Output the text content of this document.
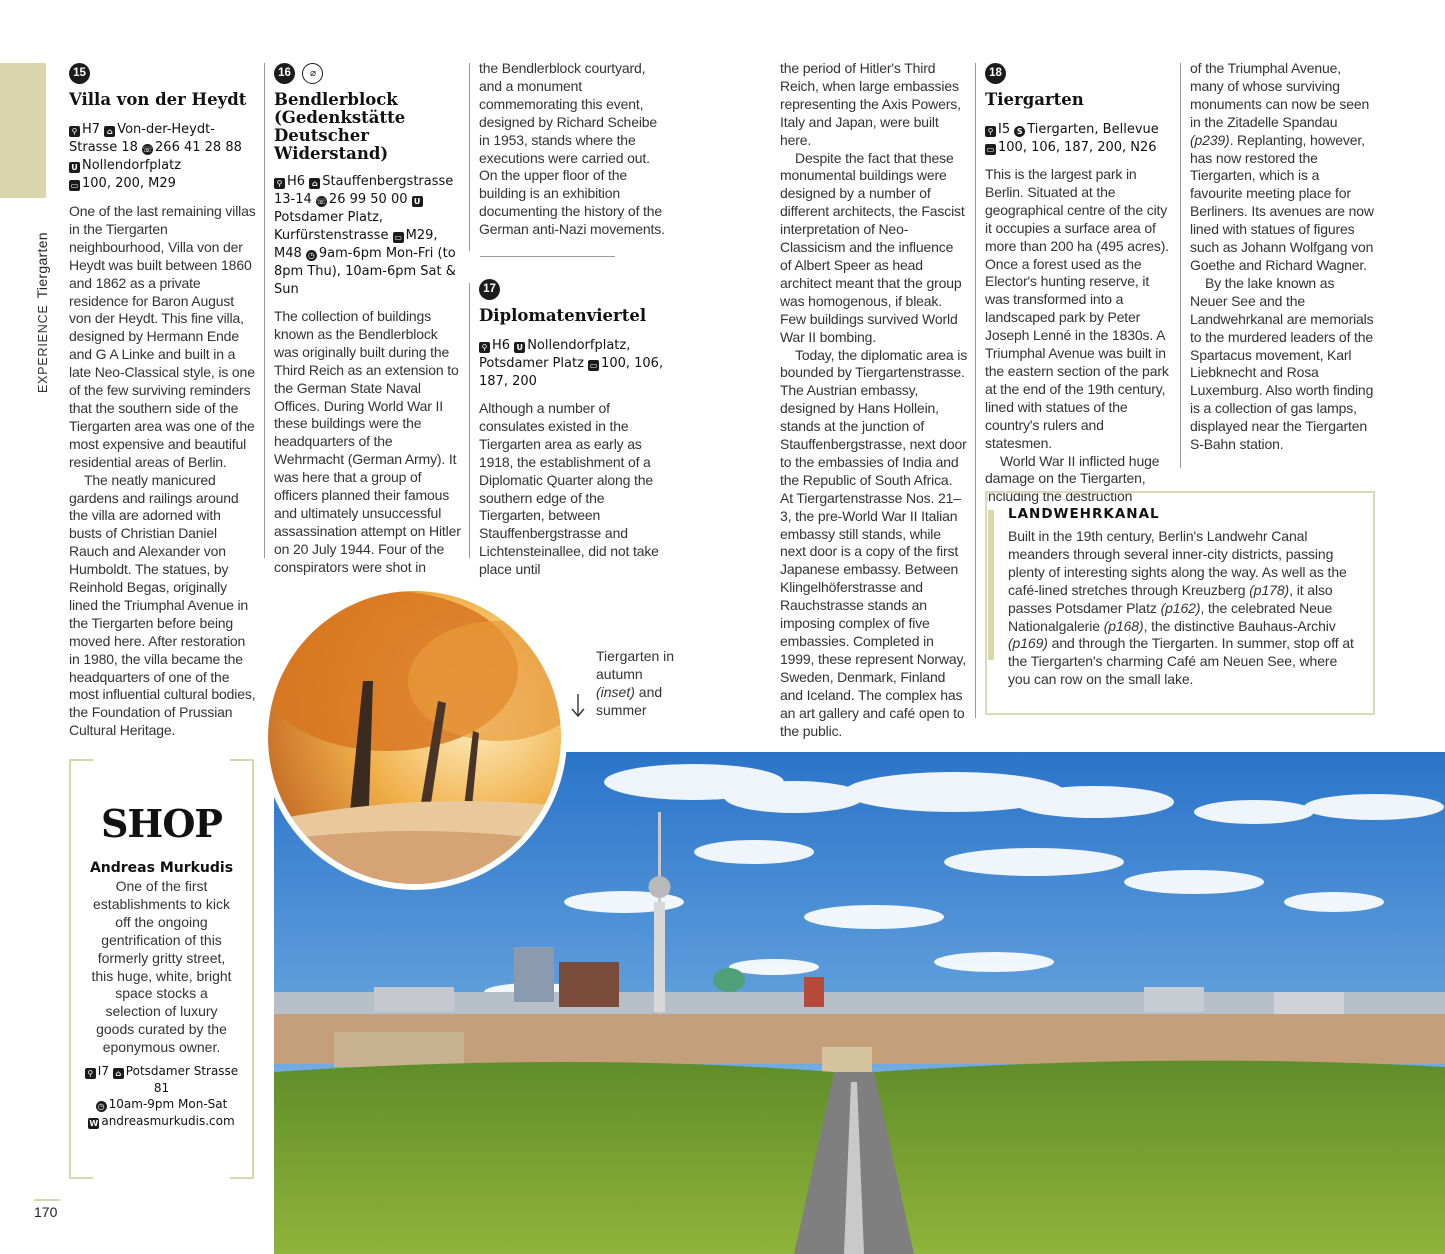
EXPERIENCETiergarten
15
Villa von der Heydt
⚲ H7 ⌂ Von-der-Heydt-Strasse 18 ☏ 266 41 28 88
U Nollendorfplatz
▭ 100, 200, M29

One of the last remaining villas in the Tiergarten neighbourhood, Villa von der Heydt was built between 1860 and 1862 as a private residence for Baron August von der Heydt. This fine villa, designed by Hermann Ende and G A Linke and built in a late Neo-Classical style, is one of the few surviving reminders that the southern side of the Tiergarten area was one of the most expensive and beautiful residential areas of Berlin.

The neatly manicured gardens and railings around the villa are adorned with busts of Christian Daniel Rauch and Alexander von Humboldt. The statues, by Reinhold Begas, originally lined the Triumphal Avenue in the Tiergarten before being moved here. After restoration in 1980, the villa became the headquarters of one of the most influential cultural bodies, the Foundation of Prussian Cultural Heritage.

16 ⌀
Bendlerblock (Gedenkstätte Deutscher Widerstand)
⚲ H6 ⌂ Stauffenbergstrasse 13-14 ☏ 26 99 50 00 UPotsdamer Platz, Kurfürstenstrasse ▭ M29, M48 ◷ 9am-6pm Mon-Fri (to 8pm Thu), 10am-6pm Sat & Sun

The collection of buildings known as the Bendlerblock was originally built during the Third Reich as an extension to the German State Naval Offices. During World War II these buildings were the headquarters of the Wehrmacht (German Army). It was here that a group of officers planned their famous and ultimately unsuccessful assassination attempt on Hitler on 20 July 1944. Four of the conspirators were shot in

the Bendlerblock courtyard, and a monument commemorating this event, designed by Richard Scheibe in 1953, stands where the executions were carried out. On the upper floor of the building is an exhibition documenting the history of the German anti-Nazi movements.

17
Diplomatenviertel
⚲ H6 U Nollendorfplatz, Potsdamer Platz ▭ 100, 106, 187, 200

Although a number of consulates existed in the Tiergarten area as early as 1918, the establishment of a Diplomatic Quarter along the southern edge of the Tiergarten, between Stauffenbergstrasse and Lichtensteinallee, did not take place until

the period of Hitler's Third Reich, when large embassies representing the Axis Powers, Italy and Japan, were built here.

Despite the fact that these monumental buildings were designed by a number of different architects, the Fascist interpretation of Neo-Classicism and the influence of Albert Speer as head architect meant that the group was homogenous, if bleak. Few buildings survived World War II bombing.

Today, the diplomatic area is bounded by Tiergartenstrasse. The Austrian embassy, designed by Hans Hollein, stands at the junction of Stauffenbergstrasse, next door to the embassies of India and the Republic of South Africa. At Tiergartenstrasse Nos. 21–3, the pre-World War II Italian embassy still stands, while next door is a copy of the first Japanese embassy. Between Klingelhöferstrasse and Rauchstrasse stands an imposing complex of five embassies. Completed in 1999, these represent Norway, Sweden, Denmark, Finland and Iceland. The complex has an art gallery and café open to the public.

18
Tiergarten
⚲ I5 S Tiergarten, Bellevue
▭ 100, 106, 187, 200, N26

This is the largest park in Berlin. Situated at the geographical centre of the city it occupies a surface area of more than 200 ha (495 acres). Once a forest used as the Elector's hunting reserve, it was transformed into a landscaped park by Peter Joseph Lenné in the 1830s. A Triumphal Avenue was built in the eastern section of the park at the end of the 19th century, lined with statues of the country's rulers and statesmen.

World War II inflicted huge damage on the Tiergarten, including the destruction

of the Triumphal Avenue, many of whose surviving monuments can now be seen in the Zitadelle Spandau (p239). Replanting, however, has now restored the Tiergarten, which is a favourite meeting place for Berliners. Its avenues are now lined with statues of figures such as Johann Wolfgang von Goethe and Richard Wagner.

By the lake known as Neuer See and the Landwehrkanal are memorials to the murdered leaders of the Spartacus movement, Karl Liebknecht and Rosa Luxemburg. Also worth finding is a collection of gas lamps, displayed near the Tiergarten S-Bahn station.

LANDWEHRKANAL
Built in the 19th century, Berlin's Landwehr Canal meanders through several inner-city districts, passing plenty of interesting sights along the way. As well as the café-lined stretches through Kreuzberg (p178), it also passes Potsdamer Platz (p162), the celebrated Neue Nationalgalerie (p168), the distinctive Bauhaus-Archiv (p169) and through the Tiergarten. In summer, stop off at the Tiergarten's charming Café am Neuen See, where you can row on the small lake.
Tiergarten in autumn (inset) and summer
SHOP
Andreas Murkudis
One of the first establishments to kick off the ongoing gentrification of this formerly gritty street, this huge, white, bright space stocks a selection of luxury goods curated by the eponymous owner.
⚲ I7 ⌂ Potsdamer Strasse 81
◷ 10am-9pm Mon-Sat
W andreasmurkudis.com
170
